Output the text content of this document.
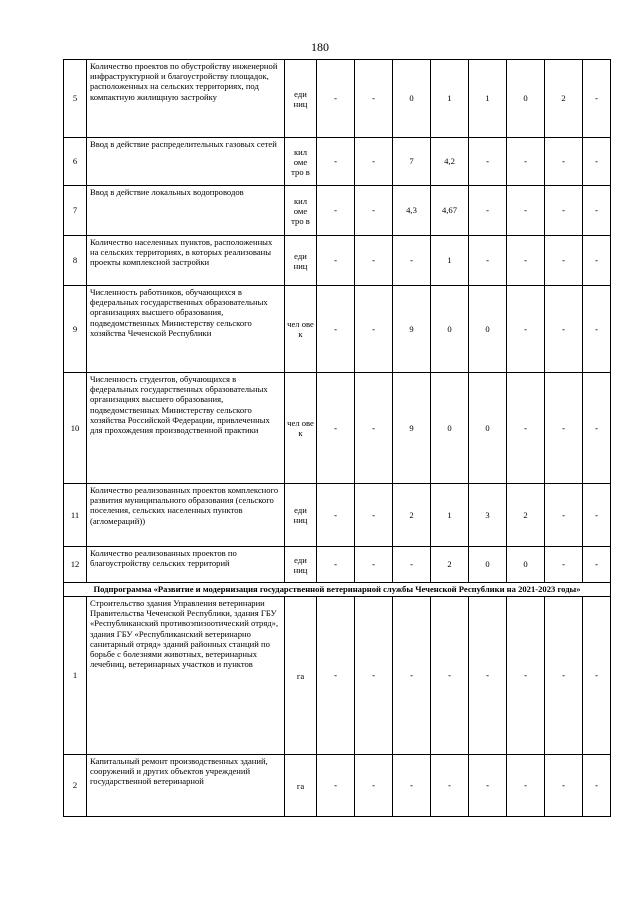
180
5	Количество проектов по обустройству инженерной инфраструктурной и благоустройству площадок, расположенных на сельских территориях, под компактную жилищную застройку	еди ниц	-	-	0	1	1	0	2	-
6	Ввод в действие распределительных газовых сетей	кил оме тро в	-	-	7	4,2	-	-	-	-
7	Ввод в действие локальных водопроводов	кил оме тро в	-	-	4,3	4,67	-	-	-	-
8	Количество населенных пунктов, расположенных на сельских территориях, в которых реализованы проекты комплексной застройки	еди ниц	-	-	-	1	-	-	-	-
9	Численность работников, обучающихся в федеральных государственных образовательных организациях высшего образования, подведомственных Министерству сельского хозяйства Чеченской Республики	чел ове к	-	-	9	0	0	-	-	-
10	Численность студентов, обучающихся в федеральных государственных образовательных организациях высшего образования, подведомственных Министерству сельского хозяйства Российской Федерации, привлеченных для прохождения производственной практики	чел ове к	-	-	9	0	0	-	-	-
11	Количество реализованных проектов комплексного развития муниципального образования (сельского поселения, сельских населенных пунктов (агломераций))	еди ниц	-	-	2	1	3	2	-	-
12	Количество реализованных проектов по благоустройству сельских территорий	еди ниц	-	-	-	2	0	0	-	-
Подпрограмма «Развитие и модернизация государственной ветеринарной службы Чеченской Республики на 2021-2023 годы»										
1	Строительство здания Управления ветеринарии Правительства Чеченской Республики, здания ГБУ «Республиканский противоэпизоотический отряд», здания ГБУ «Республиканский ветеринарно санитарный отряд» зданий районных станций по борьбе с болезнями животных, ветеринарных лечебниц, ветеринарных участков и пунктов	га	-	-	-	-	-	-	-	-
2	Капитальный ремонт производственных зданий, сооружений и других объектов учреждений государственной ветеринарной	га	-	-	-	-	-	-	-	-
